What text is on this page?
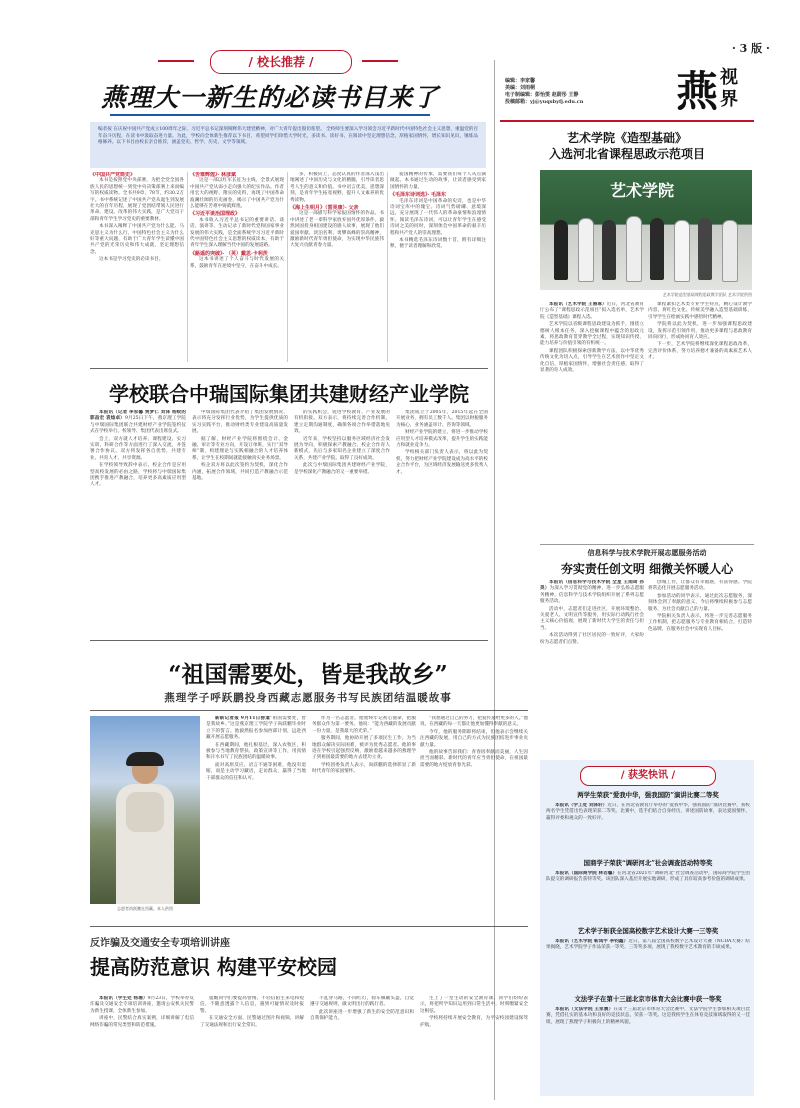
· 3 版 ·
/ 校长推荐 /
燕理大一新生的必读书目来了
编者按 在庆祝中国共产党成立100周年之际，习近平总书记深刻阐释伟大建党精神，对广大青年提出殷切希望。 全校师生要深入学习领会习近平新时代中国特色社会主义思想，重温党的百年奋斗历程，在读书中汲取奋进力量。为此，学校向全体新生推荐以下书目，希望同学们珍惜大学时光，多读书、读好书，在阅读中坚定理想信念，厚植家国情怀，增长知识见识，锤炼品格修养。以下书目由校长亲自推荐，涵盖党史、哲学、历史、文学等领域。
《中国共产党简史》

本书是按照党中央部署，为把全党全国各族人民的思想统一到党中央决策部署上来而编写的权威读物。全书共9章，78节，约30.2万字。书中系统记述了中国共产党从诞生到发展壮大的百年历程，展现了党团结带领人民进行革命、建设、改革的伟大实践，是广大党员干部和青年学生学习党史的重要教材。

本书深入阐释了中国共产党为什么能、马克思主义为什么行、中国特色社会主义为什么好等重大问题，有助于广大青年学生读懂中国共产党的光荣历史和伟大成就，坚定理想信念。

这本书是学习党史的必读书目。

《苦难辉煌》· 林彦斌

这是一部以红军长征为主线，全景式展现中国共产党从弱小走向强大的纪实作品。作者用宏大的视野、翔实的史料，再现了中国革命波澜壮阔的历史画卷，揭示了中国共产党为什么能够在苦难中铸就辉煌。

《习近平谈治国理政》

本书收入习近平总书记的重要讲话、谈话、演讲等，生动记录了新时代党和国家事业发展的伟大实践，是全面系统学习习近平新时代中国特色社会主义思想的权威读本，有助于青年学生深入理解当代中国的发展道路。

《路遥的突破》· （英）戴思·卡利茨

这本书讲述了个人奋斗与时代发展的关系，鼓励青年在逆境中坚守，在奋斗中成长。

多，积极向上，态度认真的作者深入浅出地阐述了中国历史与文化的精髓，引导读者思考人生的意义和价值。书中语言优美，思想深刻，是青年学生拓宽视野、提升人文素养的优秀读物。

《海上生明月》（雷亮康）· 父亲

这是一部描写科学家报国情怀的作品。书中讲述了老一辈科学家放弃国外优厚条件，毅然回国投身祖国建设的感人故事，展现了他们爱国奉献、淡泊名利、勇攀高峰的崇高精神，激励新时代青年勇担使命，为实现中华民族伟大复兴贡献青春力量。

爱国精神的传承，需要我们每个人从点滴做起。本书通过生动的故事，让读者感受到家国情怀的力量。

《毛泽东诗词选》· 毛泽东

毛泽东诗词是中国革命的史诗，也是中华诗词宝库中的瑰宝。诗词气势磅礴、意境深远，充分展现了一代伟人的革命豪情和浪漫情怀。阅读毛泽东诗词，可以让青年学生在感受诗词之美的同时，深刻体会中国革命的艰辛历程和共产党人的崇高理想。

本书精选毛泽东诗词数十首，附有详细注释，便于读者理解和欣赏。

学校联合中瑞国际集团共建财经产业学院

本报讯（记者 李家馨 贾梦仁 刘泽 杨蚊的 郭昌宏 袁煊卓）9月25日下午，燕京理工学院与中瑞国际集团联合共建财经产业学院签约仪式在学校举行。校领导、集团代表出席仪式。

会上，双方就人才培养、课程建设、实习实训、科研合作等方面进行了深入交流，并签署合作协议。双方将发挥各自优势，共建专业、共育人才、共享资源。

在学校领导致辞中表示，校企合作是应用型高校发展的必由之路，学校将与中瑞国际集团携手推进产教融合，培养更多高素质应用型人才。

中瑞国际集团代表介绍了集团发展情况，表示将充分发挥行业优势，为学生提供优质的实习实践平台，推动财经类专业建设高质量发展。

据了解，财经产业学院将围绕会计、金融、审计等专业方向，开设订单班，实行“双导师”制，构建理论与实践相融合的人才培养体系，让学生在校期间就能接触真实业务场景。

校企双方将以此次签约为契机，深化合作内涵，拓展合作领域，共同打造产教融合示范基地。

的实践机会，促进学校教育、产业发展的有机衔接。双方表示，将持续完善合作机制，建立定期沟通制度，确保各项合作举措落地见效。

近年来，学校坚持以服务区域经济社会发展为导向，积极探索产教融合、校企合作育人新模式，先后与多家知名企业建立了深度合作关系，共建产业学院，取得了良好成效。

此次与中瑞国际集团共建财经产业学院，是学校深化产教融合的又一重要举措。

集团成立于2005年，2015年起在全国开展业务，拥有员工数千人。集团以财税服务为核心，业务涵盖审计、咨询等领域。

财经产业学院的建立，将进一步推动学校应用型人才培养模式改革，提升学生的实践能力和就业竞争力。

学校相关部门负责人表示，将以此为契机，努力把财经产业学院建设成为高水平的校企合作平台，为区域经济发展输送更多优秀人才。

编辑：李家馨
美编：刘雨桐
电子制编辑：彭怡雯 赵蔚彤 王静
投稿邮箱：yj@yuqsbyfj.edu.cn	燕 视
界
艺术学院《造型基础》
入选河北省课程思政示范项目
艺术学院
艺术学院造型基础课程思政教学团队 艺术学院供图

本报讯（艺术学院 王丽琢）近日，河北省教育厅公布了“课程思政示范项目”拟入选名单，艺术学院《造型基础》课程入选。

艺术学院以省级课程思政建设为抓手，围绕立德树人根本任务，深入挖掘课程中蕴含的思政元素，将思政教育贯穿教学全过程，实现知识传授、能力培养与价值引领的有机统一。

课程团队积极探索创新教学方法，以中华优秀传统文化为切入点，引导学生在艺术创作中坚定文化自信，厚植家国情怀，增强社会责任感，取得了显著的育人成效。

课程紧扣艺术类专业学生特点，精心设计教学内容，将红色文化、传统美学融入造型基础训练，引导学生在绘画实践中感悟时代精神。

学院将以此为契机，进一步加强课程思政建设，发挥示范引领作用，推动更多课程与思政教育同向同行，形成协同育人效应。

下一步，艺术学院将继续深化课程思政改革，完善评价体系，努力培养德才兼备的高素质艺术人才。

信息科学与技术学院开展志愿服务活动
夯实责任创文明 细微关怀暖人心

本报讯（信息科学与技术学院 全星 王雨琦 孙昊）为深入学习贯彻党的精神，进一步弘扬志愿服务精神，信息科学与技术学院组织开展了系列志愿服务活动。

活动中，志愿者们走进社区，开展环境整治、关爱老人、文明宣传等服务，用实际行动践行社会主义核心价值观，展现了新时代大学生的责任与担当。

本次活动得到了社区居民的一致好评，大家纷纷为志愿者们点赞。

创城工作，让群众有幸福感，有获得感。学院将常态化开展志愿服务活动。

参加活动的同学表示，通过此次志愿服务，深刻体会到了奉献的意义，今后将继续积极参与志愿服务，为社会贡献自己的力量。

学院相关负责人表示，将进一步完善志愿服务工作机制，把志愿服务与专业教育相结合，打造特色品牌，在服务社会中实现育人目标。

“祖国需要处，皆是我故乡”
燕理学子呼跃鹏投身西藏志愿服务书写民族团结温暖故事
志愿者尚跃鹏在西藏。本人供图

新新记者报 9月11日傍道“祖国需要处，皆是我故乡。”这是燕京理工学院学子尚跃鹏毕业时立下的誓言。他毅然报名参加西部计划，远赴西藏开展志愿服务。

在西藏期间，他扎根基层，深入农牧区，积极参与当地教育帮扶、政策宣讲等工作，用真情和汗水书写了民族团结的温暖故事。

面对高原反应、语言不通等困难，他没有退缩，而是主动学习藏语，走访群众，赢得了当地干部群众的信任和认可。

作为一名志愿者，他始终牢记初心使命，把服务群众作为第一要务。他说：“能为西藏的发展贡献一份力量，是我最大的光荣。”

服务期间，他协助开展了多项民生工作，为当地群众解决实际困难，被评为优秀志愿者。他的事迹在学校引起强烈反响，激励着越来越多的燕理学子到祖国最需要的地方去建功立业。

学校团委负责人表示，尚跃鹏的选择彰显了新时代青年的家国情怀。

“我想通过自己的努力，把爱传递给更多的人。”他说，在西藏的每一天都让他更加懂得奉献的意义。

今年，他的服务期即将结束，但他表示会继续关注西藏的发展，用自己的方式为民族团结进步事业贡献力量。

他的故事告诉我们：青春因奉献而美丽，人生因担当而精彩。新时代的青年应当勇担使命，在祖国最需要的地方绽放青春光彩。

反诈骗及交通安全专项培训讲座
提高防范意识 构建平安校园

本报讯（学生处 杨珊）9月23日，学校举办反诈骗及交通安全专项培训讲座，邀请公安机关民警为新生授课，全体新生参加。

讲座中，民警结合真实案例，详细讲解了电信网络诈骗的常见类型和防范措施。

提醒同学们要提高警惕，不轻信陌生来电和短信，不随意透露个人信息，遇到可疑情况及时报警。

在交通安全方面，民警通过图片和视频，讲解了交通法规和出行安全常识。

不乱穿马路，不闯红灯，骑车佩戴头盔，自觉遵守交通规则，做文明出行的践行者。

此次讲座进一步增强了新生的安全防范意识和自我保护能力。

生上了一堂生动的安全教育课。同学们纷纷表示，将把所学知识运用到日常生活中，时刻绷紧安全这根弦。

学校将持续开展安全教育，为平安校园建设保驾护航。

/ 获奖快讯 /
两学生荣获“爱我中华，强我国防”演讲比赛二等奖

本报讯（学工处 刘泽轩）近日，在河北省教育厅举办的“爱我中华，强我国防”演讲比赛中，我校两名学生凭借出色表现荣获二等奖。比赛中，选手们结合自身经历，讲述国防故事，表达爱国情怀，赢得评委和观众的一致好评。

国商学子荣获“调研河北”社会调查活动特等奖

本报讯（国际商学院 林若馨）在河北省2021年“调研河北”社会调查活动中，国际商学院学生团队提交的调研报告获特等奖。该团队深入基层开展实地调研，形成了具有较高参考价值的调研成果。

艺术学子斩获全国高校数字艺术设计大赛一三等奖

本报讯（艺术学院 靳鸿宇 李钧鑫）近日，第八届全国高校数字艺术设计大赛（NCDA大赛）结果揭晓，艺术学院学子作品荣获一等奖、三等奖多项，展现了我校数字艺术教育的丰硕成果。

文法学子在第十三届北京市体育大会比赛中获一等奖

本报讯（文法学院 王家震）在第十三届北京市体育大会比赛中，文法学院学生参加相关项目比赛，凭借扎实的基本功和良好的竞技状态，荣获一等奖。这是我校学生在体育竞技领域取得的又一佳绩，展现了燕理学子积极向上的精神风貌。
